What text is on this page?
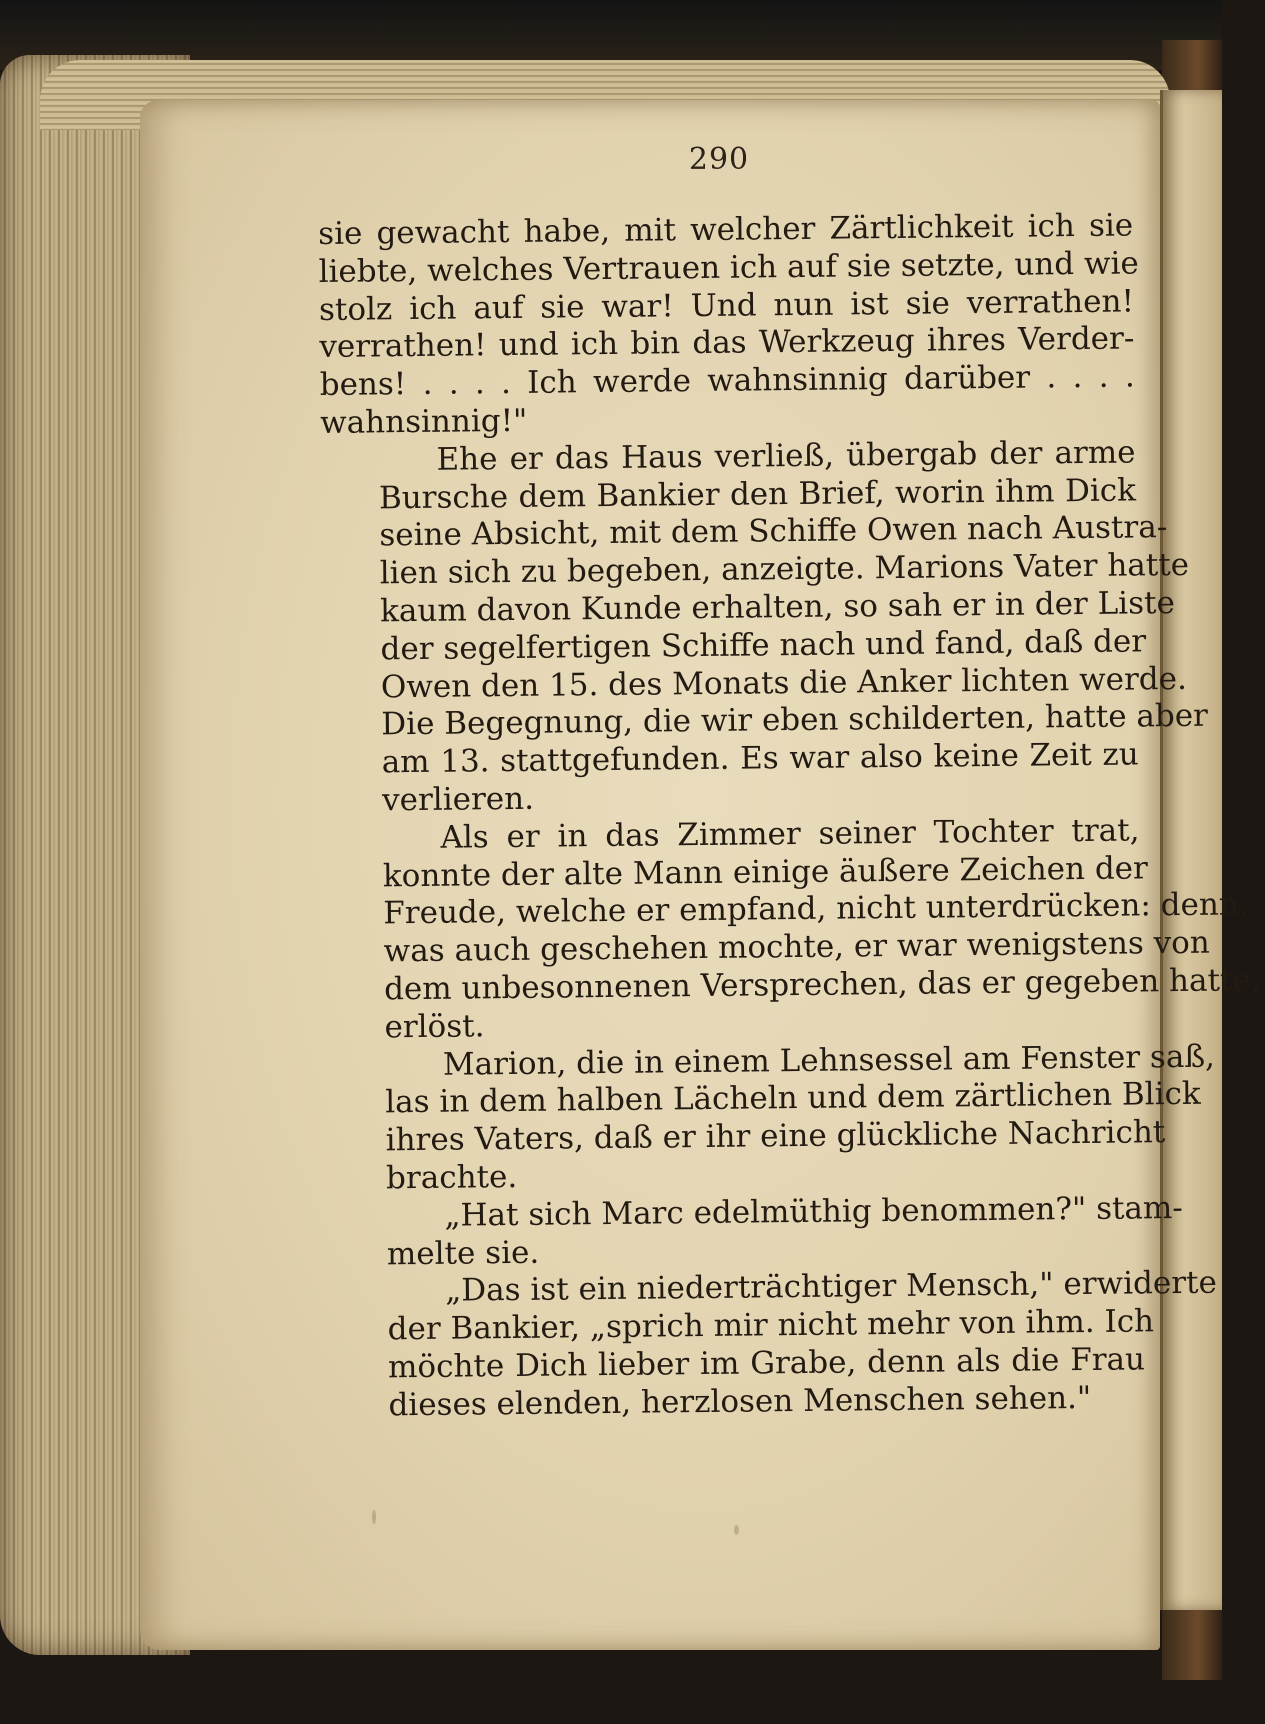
290

sie gewacht habe, mit welcher Zärtlichkeit ich sie
liebte, welches Vertrauen ich auf sie setzte, und wie
stolz ich auf sie war! Und nun ist sie verrathen!
verrathen! und ich bin das Werkzeug ihres Verder-
bens! . . . . Ich werde wahnsinnig darüber . . . .
wahnsinnig!"

Ehe er das Haus verließ, übergab der arme
Bursche dem Bankier den Brief, worin ihm Dick
seine Absicht, mit dem Schiffe Owen nach Austra-
lien sich zu begeben, anzeigte. Marions Vater hatte
kaum davon Kunde erhalten, so sah er in der Liste
der segelfertigen Schiffe nach und fand, daß der
Owen den 15. des Monats die Anker lichten werde.
Die Begegnung, die wir eben schilderten, hatte aber
am 13. stattgefunden. Es war also keine Zeit zu
verlieren.

Als er in das Zimmer seiner Tochter trat,
konnte der alte Mann einige äußere Zeichen der
Freude, welche er empfand, nicht unterdrücken: denn,
was auch geschehen mochte, er war wenigstens von
dem unbesonnenen Versprechen, das er gegeben hatte,
erlöst.

Marion, die in einem Lehnsessel am Fenster saß,
las in dem halben Lächeln und dem zärtlichen Blick
ihres Vaters, daß er ihr eine glückliche Nachricht
brachte.

„Hat sich Marc edelmüthig benommen?" stam-
melte sie.

„Das ist ein niederträchtiger Mensch," erwiderte
der Bankier, „sprich mir nicht mehr von ihm. Ich
möchte Dich lieber im Grabe, denn als die Frau
dieses elenden, herzlosen Menschen sehen."
